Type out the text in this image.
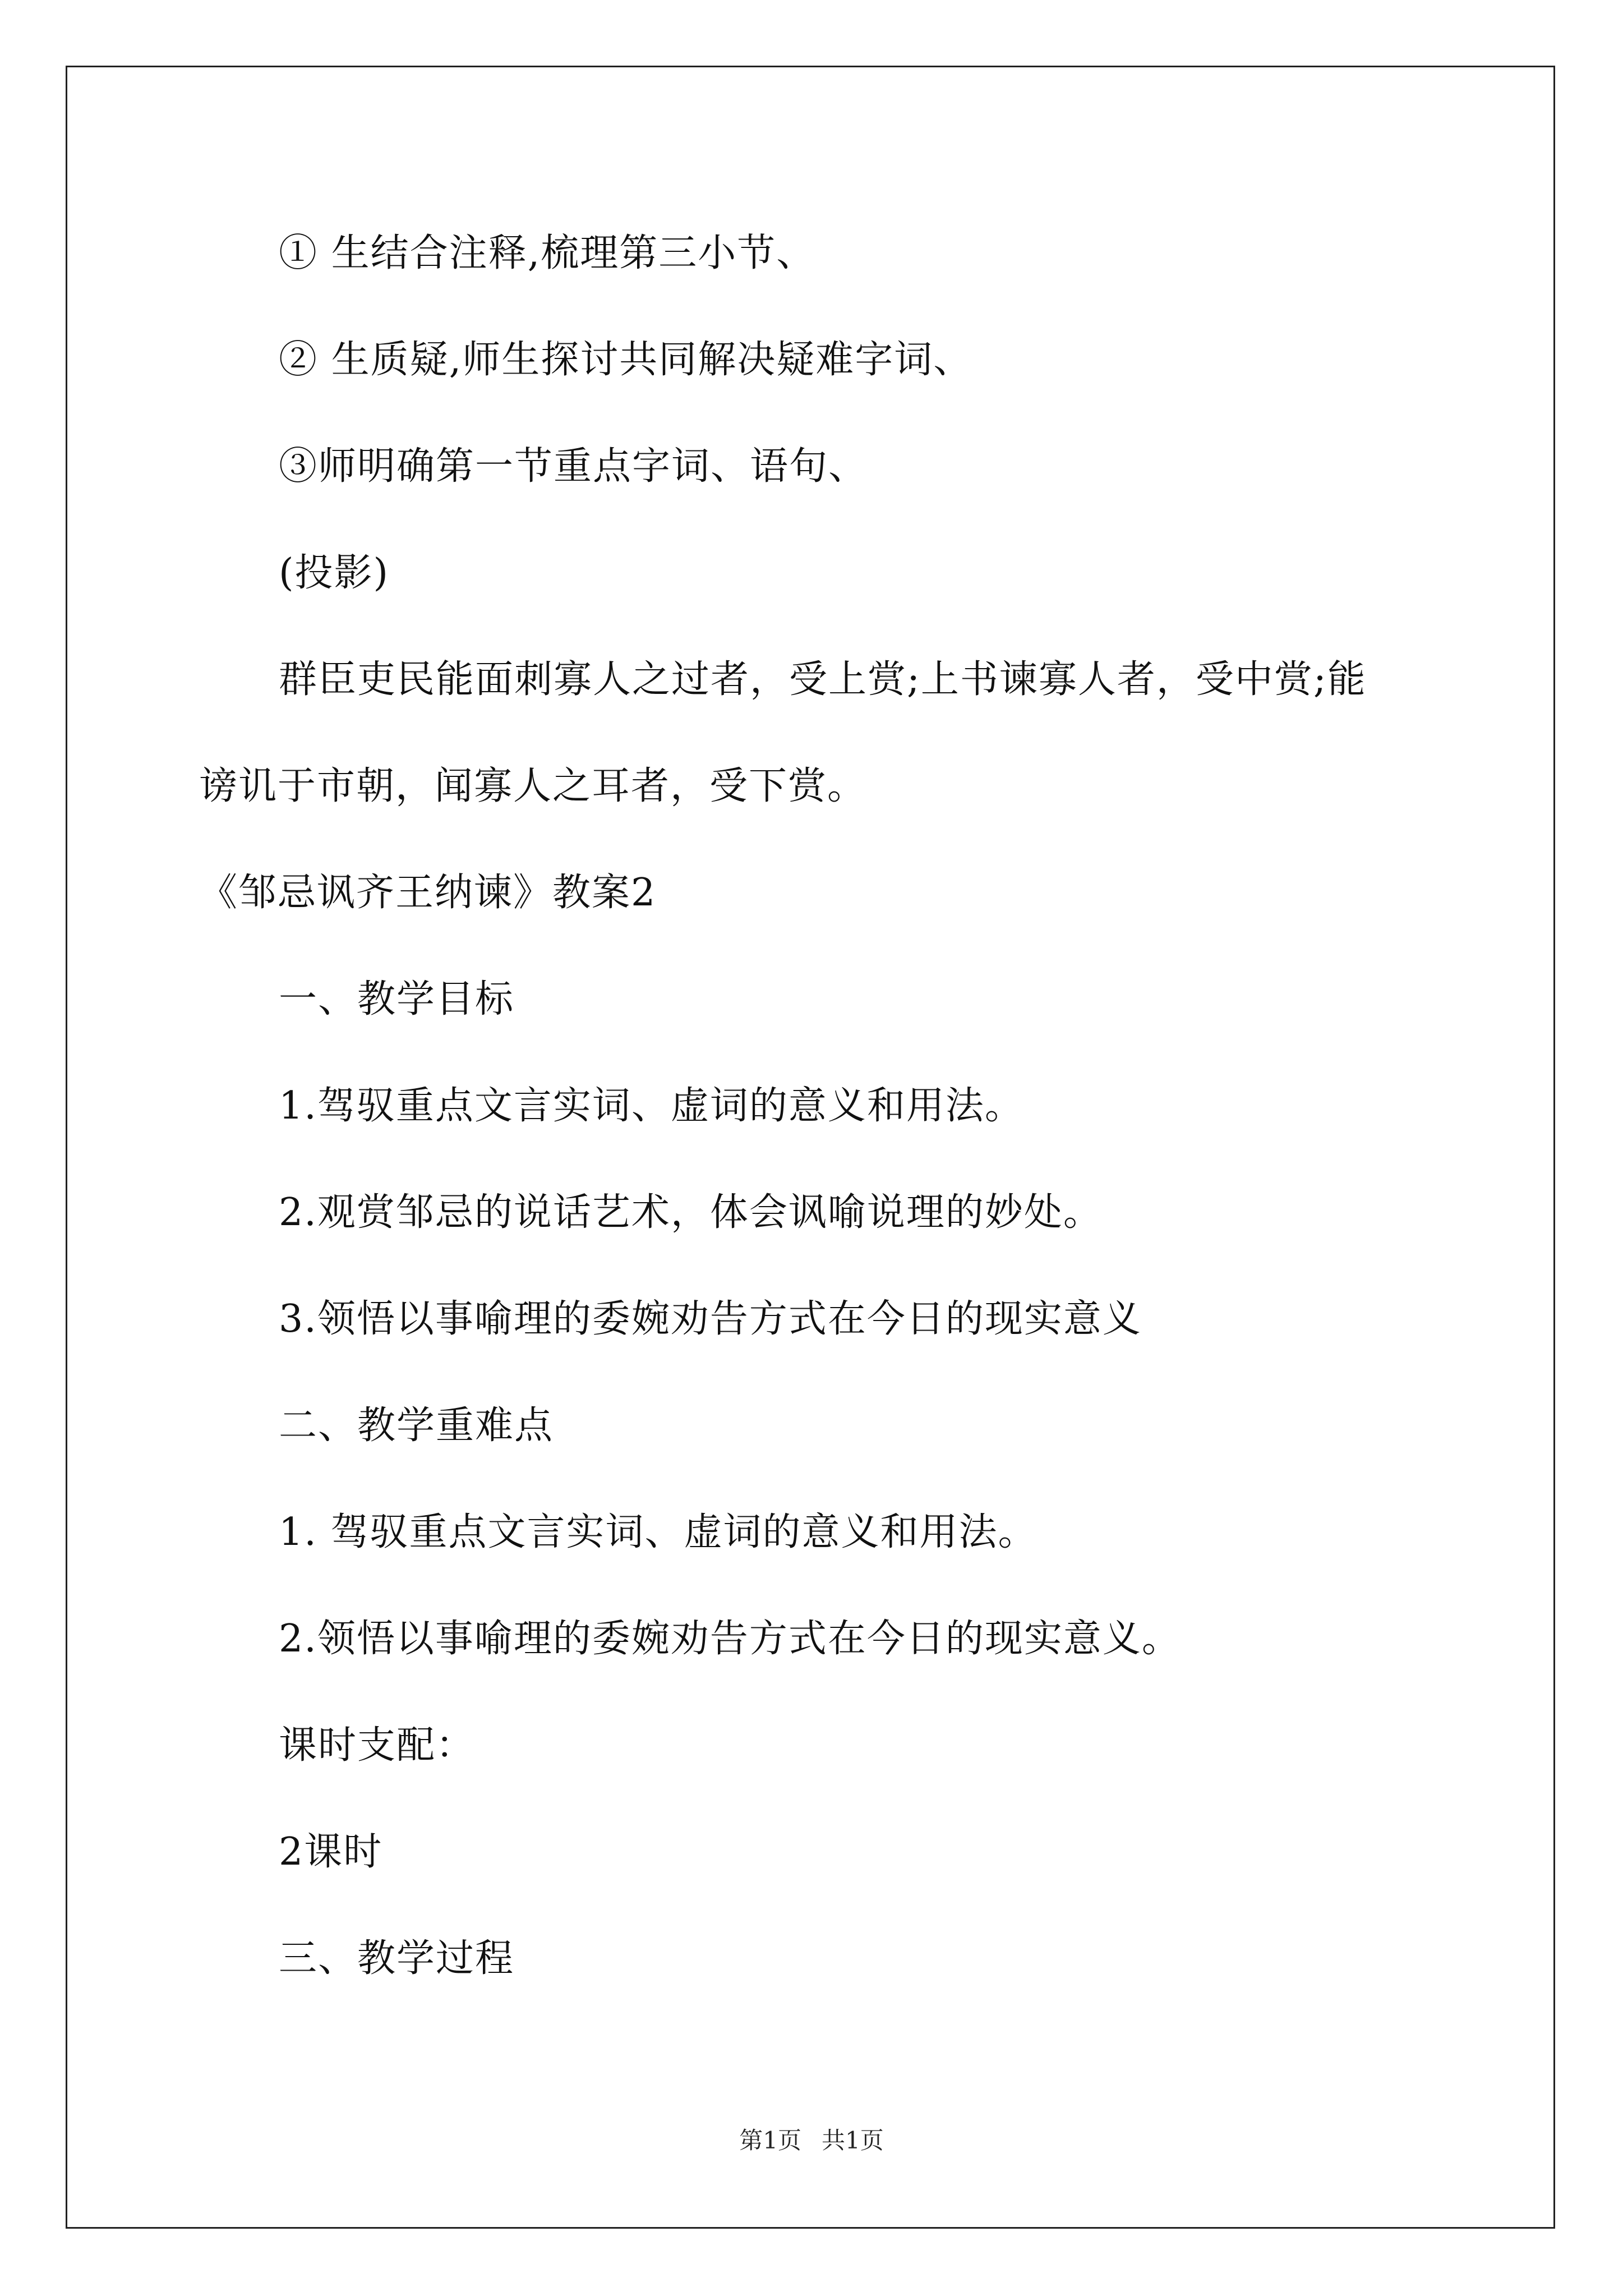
① 生结合注释,梳理第三小节、
② 生质疑,师生探讨共同解决疑难字词、
③师明确第一节重点字词、语句、
(投影)
群臣吏民能面刺寡人之过者，受上赏;上书谏寡人者，受中赏;能
谤讥于市朝，闻寡人之耳者，受下赏。
《邹忌讽齐王纳谏》教案2
一、教学目标
1.驾驭重点文言实词、虚词的意义和用法。
2.观赏邹忌的说话艺术，体会讽喻说理的妙处。
3.领悟以事喻理的委婉劝告方式在今日的现实意义
二、教学重难点
1. 驾驭重点文言实词、虚词的意义和用法。
2.领悟以事喻理的委婉劝告方式在今日的现实意义。
课时支配：
2课时
三、教学过程
第1页 共1页
